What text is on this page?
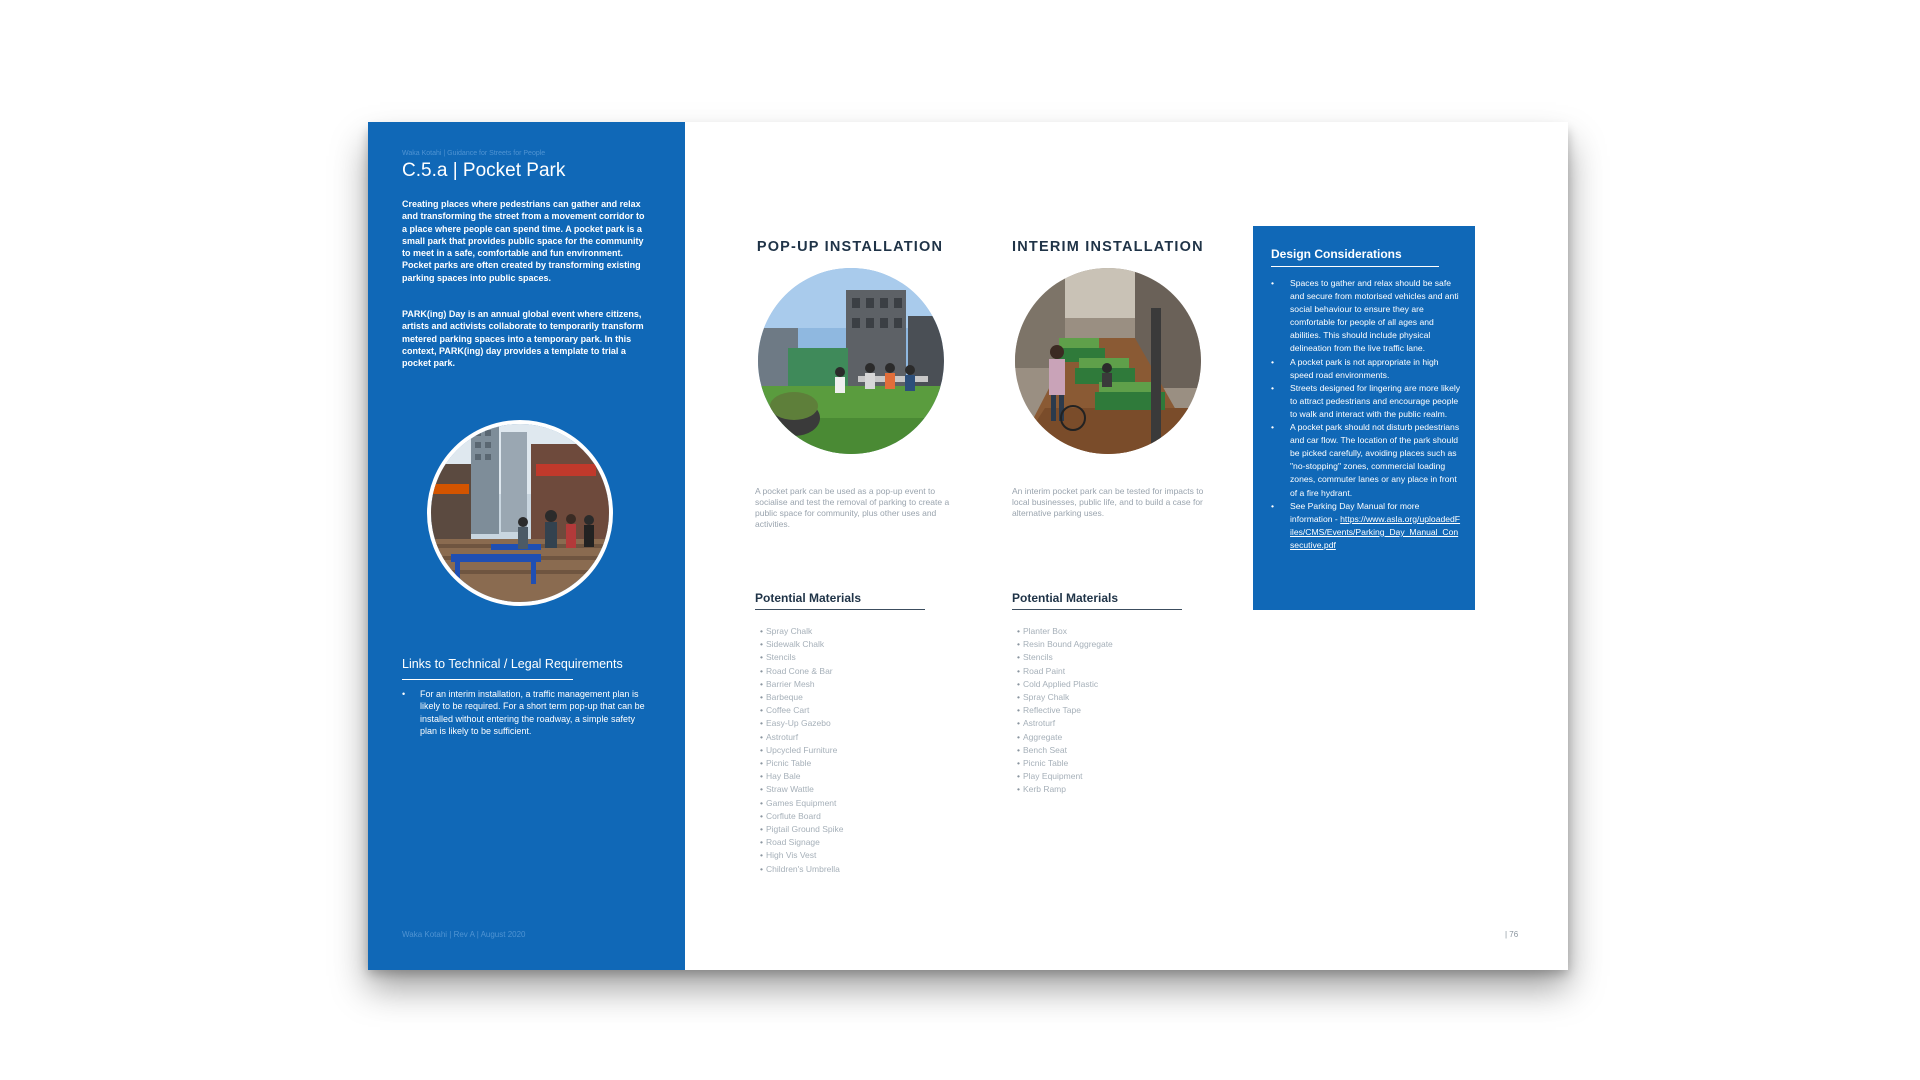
Waka Kotahi | Guidance for Streets for People
C.5.a | Pocket Park

Creating places where pedestrians can gather and relax and transforming the street from a movement corridor to a place where people can spend time. A pocket park is a small park that provides public space for the community to meet in a safe, comfortable and fun environment. Pocket parks are often created by transforming existing parking spaces into public spaces.

PARK(ing) Day is an annual global event where citizens, artists and activists collaborate to temporarily transform metered parking spaces into a temporary park. In this context, PARK(ing) day provides a template to trial a pocket park.

Links to Technical / Legal Requirements
• For an interim installation, a traffic management plan is likely to be required. For a short term pop-up that can be installed without entering the roadway, a simple safety plan is likely to be sufficient.
Waka Kotahi | Rev A | August 2020
POP-UP INSTALLATION

A pocket park can be used as a pop-up event to socialise and test the removal of parking to create a public space for community, plus other uses and activities.

Potential Materials
• Spray Chalk
• Sidewalk Chalk
• Stencils
• Road Cone & Bar
• Barrier Mesh
• Barbeque
• Coffee Cart
• Easy-Up Gazebo
• Astroturf
• Upcycled Furniture
• Picnic Table
• Hay Bale
• Straw Wattle
• Games Equipment
• Corflute Board
• Pigtail Ground Spike
• Road Signage
• High Vis Vest
• Children's Umbrella
INTERIM INSTALLATION

An interim pocket park can be tested for impacts to local businesses, public life, and to build a case for alternative parking uses.

Potential Materials
• Planter Box
• Resin Bound Aggregate
• Stencils
• Road Paint
• Cold Applied Plastic
• Spray Chalk
• Reflective Tape
• Astroturf
• Aggregate
• Bench Seat
• Picnic Table
• Play Equipment
• Kerb Ramp
Design Considerations
• Spaces to gather and relax should be safe and secure from motorised vehicles and anti social behaviour to ensure they are comfortable for people of all ages and abilities. This should include physical delineation from the live traffic lane.
• A pocket park is not appropriate in high speed road environments.
• Streets designed for lingering are more likely to attract pedestrians and encourage people to walk and interact with the public realm.
• A pocket park should not disturb pedestrians and car flow. The location of the park should be picked carefully, avoiding places such as "no-stopping" zones, commercial loading zones, commuter lanes or any place in front of a fire hydrant.
• See Parking Day Manual for more information - https://www.asla.org/uploadedFiles/CMS/Events/Parking_Day_Manual_Consecutive.pdf
| 76
